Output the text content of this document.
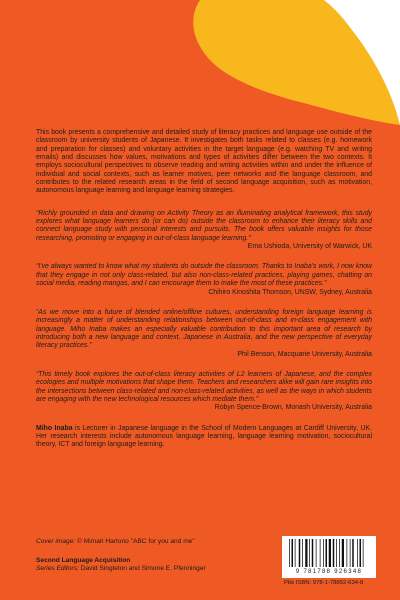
This book presents a comprehensive and detailed study of literacy practices and language use outside of the classroom by university students of Japanese. It investigates both tasks related to classes (e.g. homework and preparation for classes) and voluntary activities in the target language (e.g. watching TV and writing emails) and discusses how values, motivations and types of activities differ between the two contexts. It employs sociocultural perspectives to observe reading and writing activities within and under the influence of individual and social contexts, such as learner motives, peer networks and the language classroom, and contributes to the related research areas in the field of second language acquisition, such as motivation, autonomous language learning and language learning strategies.

“Richly grounded in data and drawing on Activity Theory as an illuminating analytical framework, this study explores what language learners do (or can do) outside the classroom to enhance their literacy skills and connect language study with personal interests and pursuits. The book offers valuable insights for those researching, promoting or engaging in out-of-class language learning.”

Ema Ushioda, University of Warwick, UK

“I've always wanted to know what my students do outside the classroom. Thanks to Inaba's work, I now know that they engage in not only class-related, but also non-class-related practices, playing games, chatting on social media, reading mangas, and I can encourage them to make the most of these practices.”

Chihiro Kinoshita Thomson, UNSW, Sydney, Australia

“As we move into a future of blended online/offline cultures, understanding foreign language learning is increasingly a matter of understanding relationships between out-of-class and in-class engagement with language. Miho Inaba makes an especially valuable contribution to this important area of research by introducing both a new language and context, Japanese in Australia, and the new perspective of everyday literacy practices.”

Phil Benson, Macquarie University, Australia

“This timely book explores the out-of-class literacy activities of L2 learners of Japanese, and the complex ecologies and multiple motivations that shape them. Teachers and researchers alike will gain rare insights into the intersections between class-related and non-class-related activities, as well as the ways in which students are engaging with the new technological resources which mediate them.”

Robyn Spence-Brown, Monash University, Australia

Miho Inaba is Lecturer in Japanese language in the School of Modern Languages at Cardiff University, UK. Her research interests include autonomous language learning, language learning motivation, sociocultural theory, ICT and foreign language learning.

Cover image: © Mimari Hartono "ABC for you and me"
Second Language Acquisition
Series Editors: David Singleton and Simone E. Pfenninger	9 781788 926348
Pbk ISBN: 978-1-78892-634-8
